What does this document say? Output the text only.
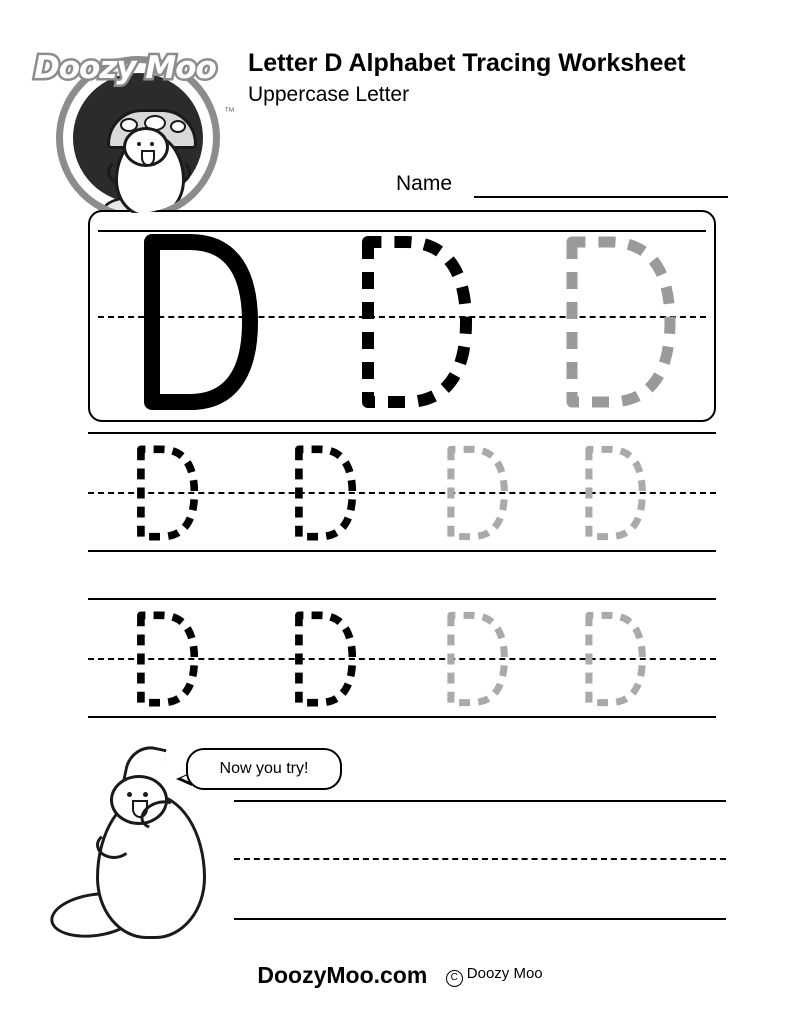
Doozy Moo
™
Letter D Alphabet Tracing Worksheet
Uppercase Letter
Name
Now you try!
DoozyMoo.com C Doozy Moo
